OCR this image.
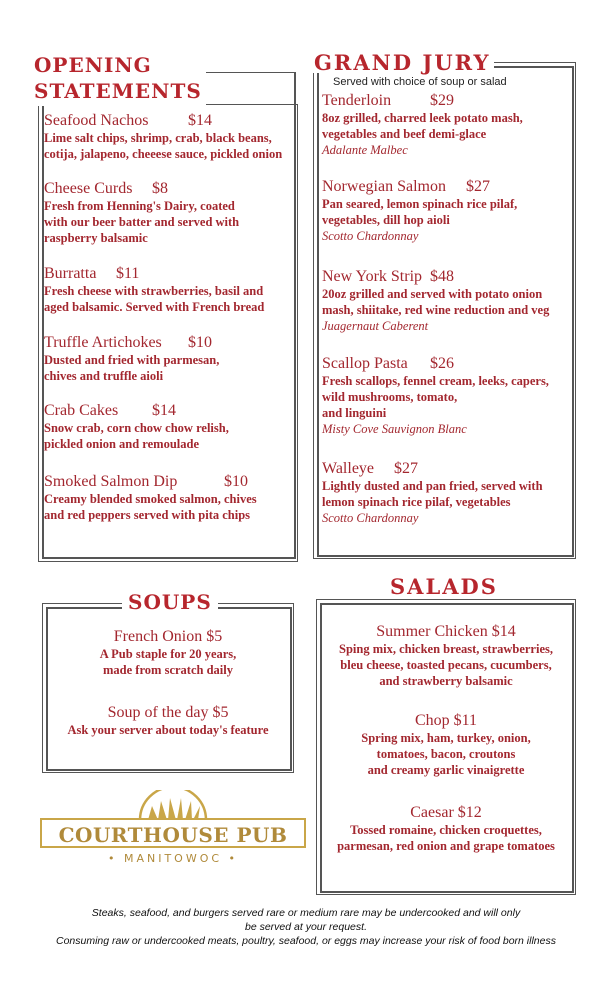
OPENING
STATEMENTS
Seafood Nachos $14
Lime salt chips, shrimp, crab, black beans,
cotija, jalapeno, cheeese sauce, pickled onion
Cheese Curds $8
Fresh from Henning's Dairy, coated
with our beer batter and served with
raspberry balsamic
Burratta $11
Fresh cheese with strawberries, basil and
aged balsamic. Served with French bread
Truffle Artichokes $10
Dusted and fried with parmesan,
chives and truffle aioli
Crab Cakes $14
Snow crab, corn chow chow relish,
pickled onion and remoulade
Smoked Salmon Dip	$10
Creamy blended smoked salmon, chives
and red peppers served with pita chips
GRAND JURY
Served with choice of soup or salad
Tenderloin $29
8oz grilled, charred leek potato mash,
vegetables and beef demi-glace
Adalante Malbec
Norwegian Salmon $27
Pan seared, lemon spinach rice pilaf,
vegetables, dill hop aioli
Scotto Chardonnay
New York Strip $48
20oz grilled and served with potato onion
mash, shiitake, red wine reduction and veg
Juagernaut Caberent
Scallop Pasta $26
Fresh scallops, fennel cream, leeks, capers,
wild mushrooms, tomato,
and linguini
Misty Cove Sauvignon Blanc
Walleye $27
Lightly dusted and pan fried, served with
lemon spinach rice pilaf, vegetables
Scotto Chardonnay
SOUPS
French Onion $5
A Pub staple for 20 years,
made from scratch daily
Soup of the day $5
Ask your server about today's feature
SALADS
Summer Chicken $14
Sping mix, chicken breast, strawberries,
bleu cheese, toasted pecans, cucumbers,
and strawberry balsamic
Chop $11
Spring mix, ham, turkey, onion,
tomatoes, bacon, croutons
and creamy garlic vinaigrette
Caesar $12
Tossed romaine, chicken croquettes,
parmesan, red onion and grape tomatoes
COURTHOUSE PUB
• MANITOWOC •
Steaks, seafood, and burgers served rare or medium rare may be undercooked and will only
be served at your request.
Consuming raw or undercooked meats, poultry, seafood, or eggs may increase your risk of food born illness
